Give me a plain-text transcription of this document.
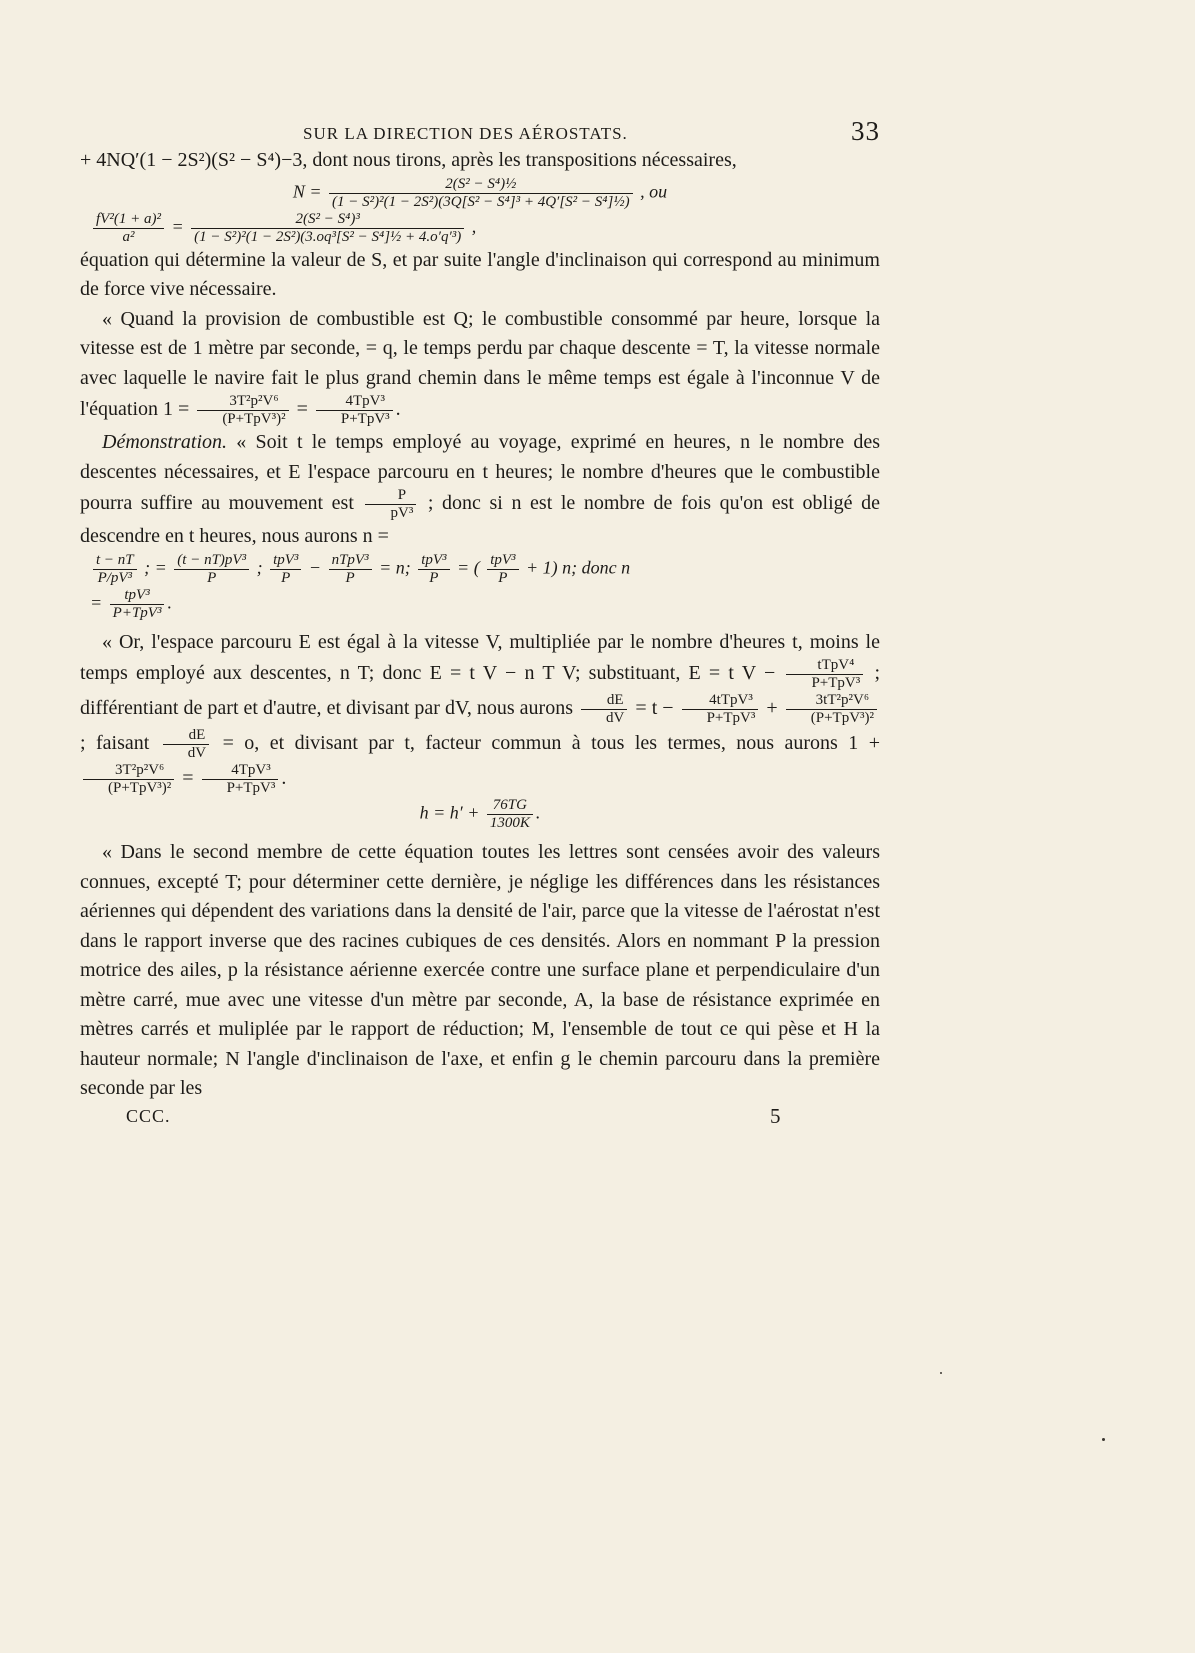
SUR LA DIRECTION DES AÉROSTATS.	33

+ 4NQ′(1 − 2S²)(S² − S⁴)−3, dont nous tirons, après les transpositions nécessaires,

$N = \frac{\text{2(S² − S⁴)½}}{\text{(1 − S²)²(1 − 2S²)(3Q[S² − S⁴]³ + 4Q′[S² − S⁴]½)}}$ , ou
$\frac{\text{fV²(1 + a)²}}{\text{a²}} = \frac{\text{2(S² − S⁴)³}}{\text{(1 − S²)²(1 − 2S²)(3.oq³[S² − S⁴]½ + 4.o′q′³)}}$ ,

équation qui détermine la valeur de S, et par suite l'angle d'inclinaison qui correspond au minimum de force vive nécessaire.

« Quand la provision de combustible est Q; le combustible consommé par heure, lorsque la vitesse est de 1 mètre par seconde, = q, le temps perdu par chaque descente = T, la vitesse normale avec laquelle le navire fait le plus grand chemin dans le même temps est égale à l'inconnue V de l'équation $1 = \frac{\text{3T²p²V⁶}}{\text{(P+TpV³)²}} = \frac{\text{4TpV³}}{\text{P+TpV³}}$ .

Démonstration. « Soit t le temps employé au voyage, exprimé en heures, n le nombre des descentes nécessaires, et E l'espace parcouru en t heures; le nombre d'heures que le combustible pourra suffire au mouvement est $\frac{P}{\text{pV³}}$ ; donc si n est le nombre de fois qu'on est obligé de descendre en t heures, nous aurons n =

$\frac{t - nT}{\text{P/pV³}}$ ; = $\frac{\text{(t − nT)pV³}}{P}$ ; $\frac{\text{tpV³}}{P} - \frac{\text{nTpV³}}{P} = n$; $\frac{\text{tpV³}}{P}$ = ( $\frac{\text{tpV³}}{P} + 1$) n; donc n
= $\frac{\text{tpV³}}{\text{P+TpV³}}$ .

« Or, l'espace parcouru E est égal à la vitesse V, multipliée par le nombre d'heures t, moins le temps employé aux descentes, n T; donc E = t V − n T V; substituant, E = t $V - \frac{\text{tTpV⁴}}{\text{P+TpV³}}$ ; différentiant de part et d'autre, et divisant par dV, nous aurons $\frac{dE}{dV} = t - \frac{\text{4tTpV³}}{\text{P+TpV³}} + \frac{\text{3tT²p²V⁶}}{\text{(P+TpV³)²}}$
; faisant $\frac{dE}{dV} = o$, et divisant par t, facteur commun à tous les termes, nous aurons 1 +
$\frac{\text{3T²p²V⁶}}{\text{(P+TpV³)²}} = \frac{\text{4TpV³}}{\text{P+TpV³}}$ .

$h = h' + \frac{76TG}{1300K}$ .

« Dans le second membre de cette équation toutes les lettres sont censées avoir des valeurs connues, excepté T; pour déterminer cette dernière, je néglige les différences dans les résistances aériennes qui dépendent des variations dans la densité de l'air, parce que la vitesse de l'aérostat n'est dans le rapport inverse que des racines cubiques de ces densités. Alors en nommant P la pression motrice des ailes, p la résistance aérienne exercée contre une surface plane et perpendiculaire d'un mètre carré, mue avec une vitesse d'un mètre par seconde, A, la base de résistance exprimée en mètres carrés et muliplée par le rapport de réduction; M, l'ensemble de tout ce qui pèse et H la hauteur normale; N l'angle d'inclinaison de l'axe, et enfin g le chemin parcouru dans la première seconde par les

CCC.	5
